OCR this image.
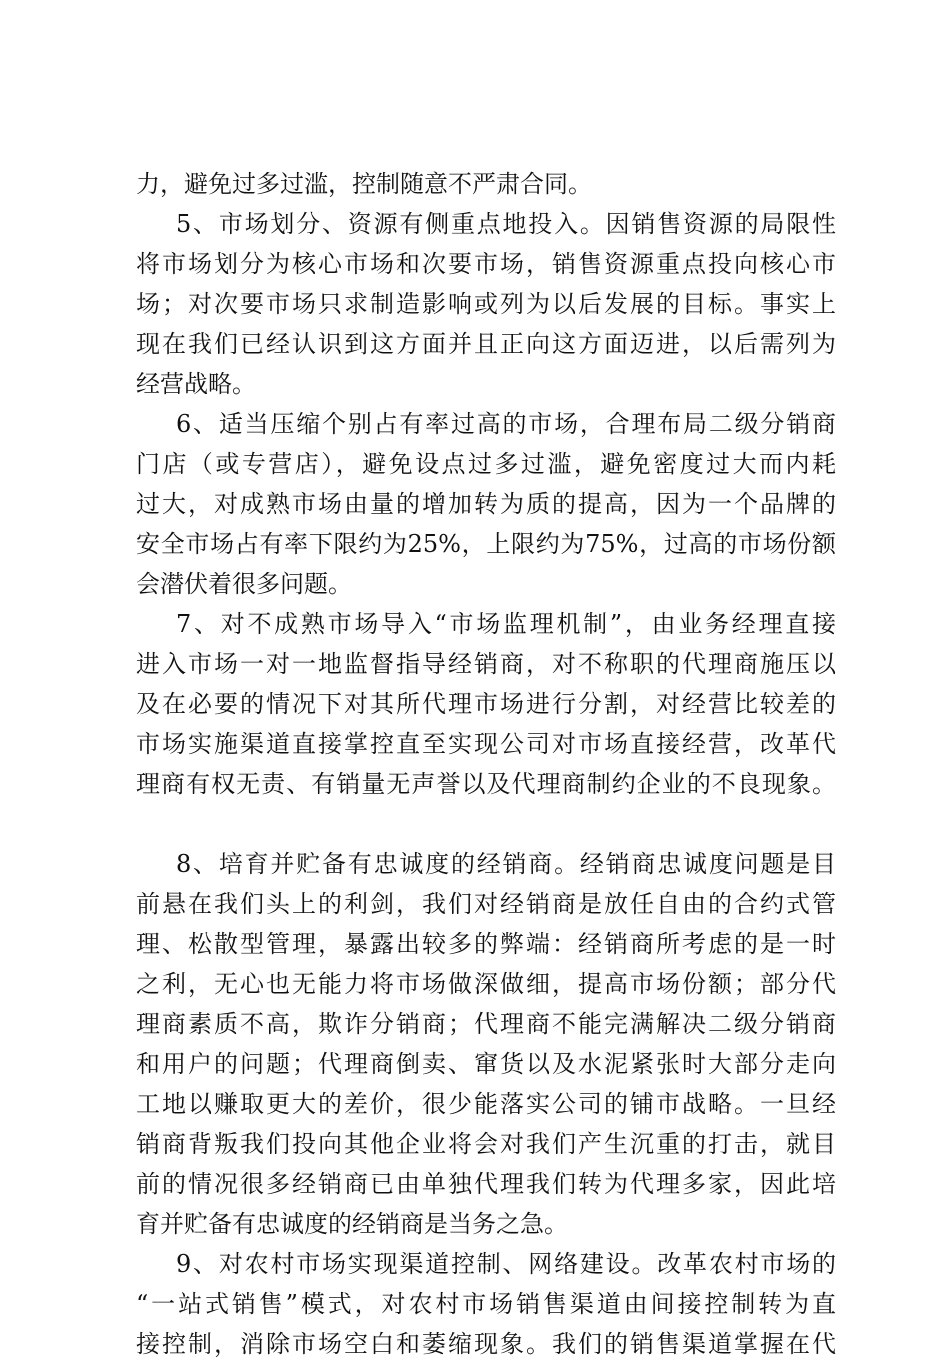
力，避免过多过滥，控制随意不严肃合同。
5、市场划分、资源有侧重点地投入。因销售资源的局限性
将市场划分为核心市场和次要市场，销售资源重点投向核心市
场；对次要市场只求制造影响或列为以后发展的目标。事实上
现在我们已经认识到这方面并且正向这方面迈进，以后需列为
经营战略。
6、适当压缩个别占有率过高的市场，合理布局二级分销商
门店（或专营店），避免设点过多过滥，避免密度过大而内耗
过大，对成熟市场由量的增加转为质的提高，因为一个品牌的
安全市场占有率下限约为25%，上限约为75%，过高的市场份额
会潜伏着很多问题。
7、对不成熟市场导入“市场监理机制”，由业务经理直接
进入市场一对一地监督指导经销商，对不称职的代理商施压以
及在必要的情况下对其所代理市场进行分割，对经营比较差的
市场实施渠道直接掌控直至实现公司对市场直接经营，改革代
理商有权无责、有销量无声誉以及代理商制约企业的不良现象。
8、培育并贮备有忠诚度的经销商。经销商忠诚度问题是目
前悬在我们头上的利剑，我们对经销商是放任自由的合约式管
理、松散型管理，暴露出较多的弊端：经销商所考虑的是一时
之利，无心也无能力将市场做深做细，提高市场份额；部分代
理商素质不高，欺诈分销商；代理商不能完满解决二级分销商
和用户的问题；代理商倒卖、窜货以及水泥紧张时大部分走向
工地以赚取更大的差价，很少能落实公司的铺市战略。一旦经
销商背叛我们投向其他企业将会对我们产生沉重的打击，就目
前的情况很多经销商已由单独代理我们转为代理多家，因此培
育并贮备有忠诚度的经销商是当务之急。
9、对农村市场实现渠道控制、网络建设。改革农村市场的
“一站式销售”模式，对农村市场销售渠道由间接控制转为直
接控制，消除市场空白和萎缩现象。我们的销售渠道掌握在代
